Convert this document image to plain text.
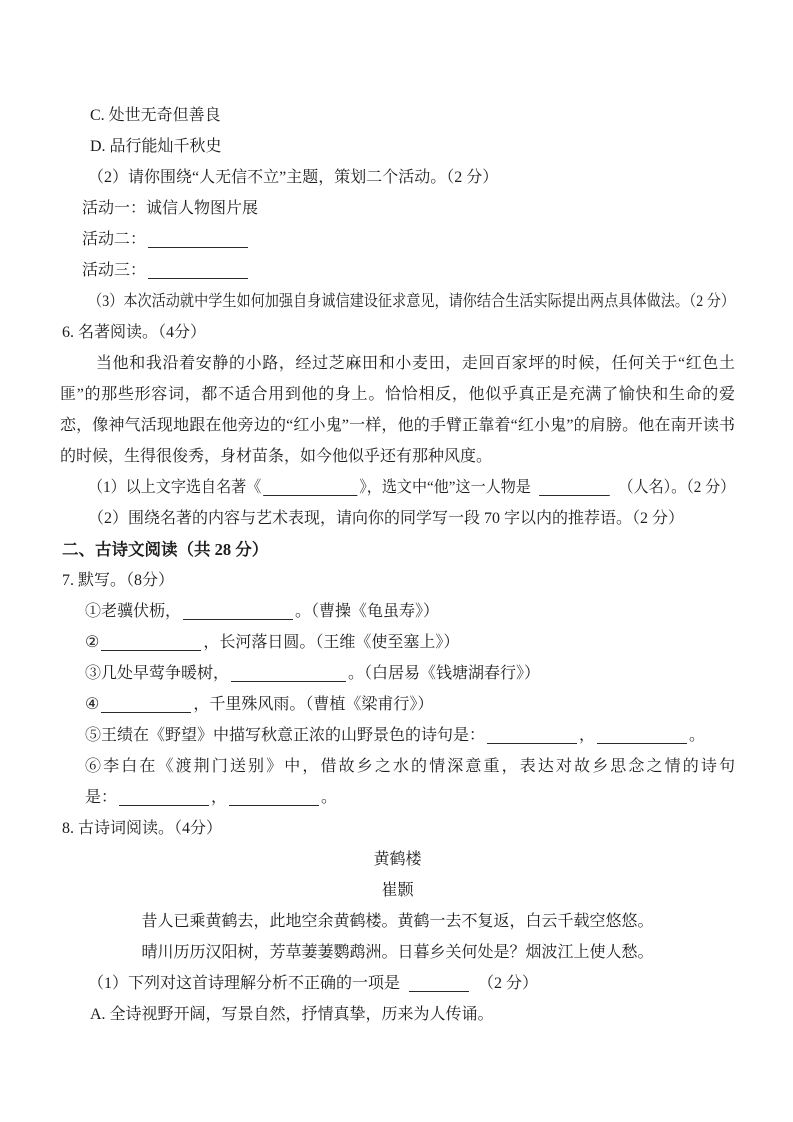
C. 处世无奇但善良
D. 品行能灿千秋史
（2）请你围绕“人无信不立”主题，策划二个活动。（2 分）
活动一：诚信人物图片展
活动二：
活动三：
（3）本次活动就中学生如何加强自身诚信建设征求意见，请你结合生活实际提出两点具体做法。（2 分）
6. 名著阅读。（4分）
当他和我沿着安静的小路，经过芝麻田和小麦田，走回百家坪的时候，任何关于“红色土匪”的那些形容词，都不适合用到他的身上。恰恰相反，他似乎真正是充满了愉快和生命的爱恋，像神气活现地跟在他旁边的“红小鬼”一样，他的手臂正靠着“红小鬼”的肩膀。他在南开读书的时候，生得很俊秀，身材苗条，如今他似乎还有那种风度。
（1）以上文字选自名著《	》，选文中“他”这一人物是	（人名）。（2 分）
（2）围绕名著的内容与艺术表现，请向你的同学写一段 70 字以内的推荐语。（2 分）
二、古诗文阅读（共 28 分）
7. 默写。（8分）
①老骥伏枥，	。（曹操《龟虽寿》）
②	，长河落日圆。（王维《使至塞上》）
③几处早莺争暖树，	。（白居易《钱塘湖春行》）
④	，千里殊风雨。（曹植《梁甫行》）
⑤王绩在《野望》中描写秋意正浓的山野景色的诗句是：	，	。
⑥李白在《渡荆门送别》中，借故乡之水的情深意重，表达对故乡思念之情的诗句
是：	，	。
8. 古诗词阅读。（4分）
黄鹤楼
崔颢
昔人已乘黄鹤去，此地空余黄鹤楼。黄鹤一去不复返，白云千载空悠悠。
晴川历历汉阳树，芳草萋萋鹦鹉洲。日暮乡关何处是？烟波江上使人愁。
（1）下列对这首诗理解分析不正确的一项是	（2 分）
A. 全诗视野开阔，写景自然，抒情真挚，历来为人传诵。
